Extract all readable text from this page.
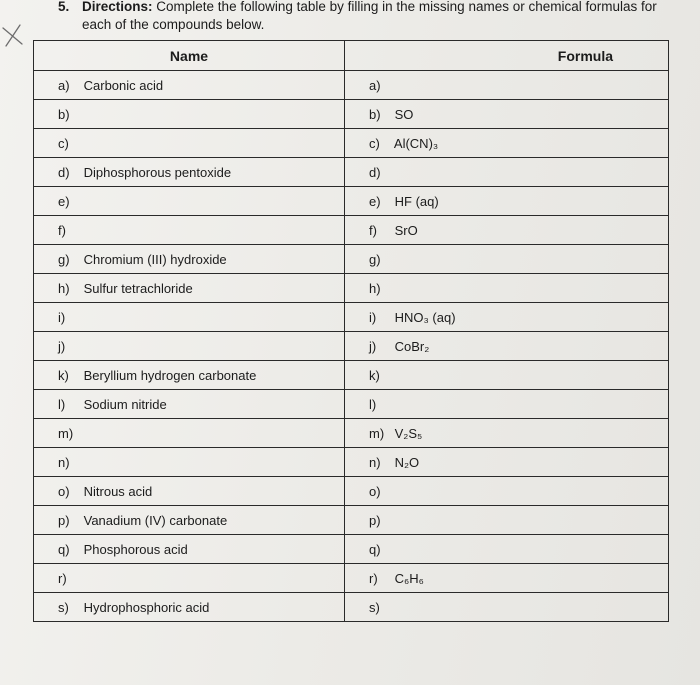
5. Directions: Complete the following table by filling in the missing names or chemical formulas for each of the compounds below.
Name	Formula
a) Carbonic acid	a)
b)	b) SO
c)	c) Al(CN)₃
d) Diphosphorous pentoxide	d)
e)	e) HF (aq)
f)	f) SrO
g) Chromium (III) hydroxide	g)
h) Sulfur tetrachloride	h)
i)	i) HNO₃ (aq)
j)	j) CoBr₂
k) Beryllium hydrogen carbonate	k)
l) Sodium nitride	l)
m)	m) V₂S₅
n)	n) N₂O
o) Nitrous acid	o)
p) Vanadium (IV) carbonate	p)
q) Phosphorous acid	q)
r)	r) C₆H₆
s) Hydrophosphoric acid	s)
